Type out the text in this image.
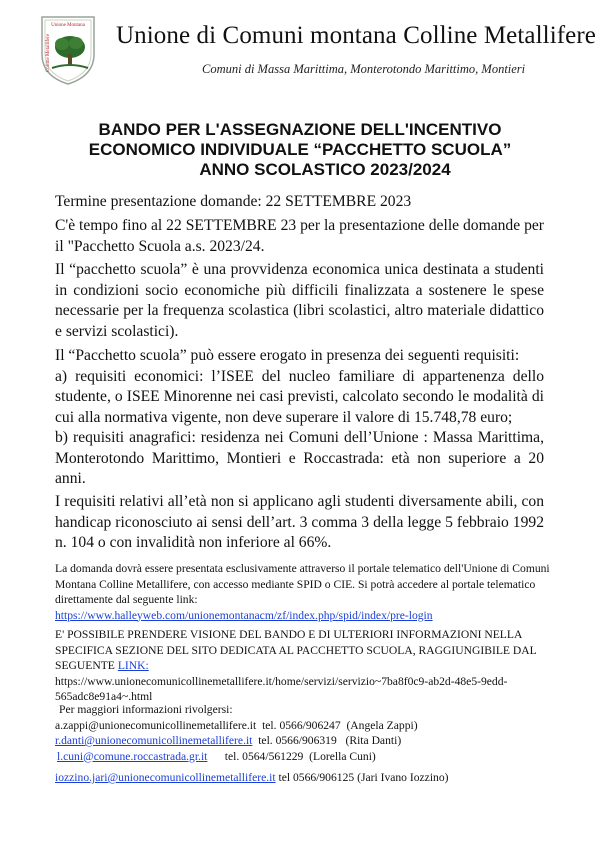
Unione Montana
Colline Metallifere	Unione di Comuni montana Colline Metallifere
Comuni di Massa Marittima, Monterotondo Marittimo, Montieri
BANDO PER L'ASSEGNAZIONE DELL'INCENTIVO
ECONOMICO INDIVIDUALE “PACCHETTO SCUOLA”
ANNO SCOLASTICO 2023/2024
Termine presentazione domande: 22 SETTEMBRE 2023
C'è tempo fino al 22 SETTEMBRE 23 per la presentazione delle domande per il "Pacchetto Scuola a.s. 2023/24.
Il “pacchetto scuola” è una provvidenza economica unica destinata a studenti in condizioni socio economiche più difficili finalizzata a sostenere le spese necessarie per la frequenza scolastica (libri scolastici, altro materiale didattico e servizi scolastici).
Il “Pacchetto scuola” può essere erogato in presenza dei seguenti requisiti:
a) requisiti economici: l’ISEE del nucleo familiare di appartenenza dello studente, o ISEE Minorenne nei casi previsti, calcolato secondo le modalità di cui alla normativa vigente, non deve superare il valore di 15.748,78 euro;
b) requisiti anagrafici: residenza nei Comuni dell’Unione : Massa Marittima, Monterotondo Marittimo, Montieri e Roccastrada: età non superiore a 20 anni.
I requisiti relativi all’età non si applicano agli studenti diversamente abili, con handicap riconosciuto ai sensi dell’art. 3 comma 3 della legge 5 febbraio 1992 n. 104 o con invalidità non inferiore al 66%.
La domanda dovrà essere presentata esclusivamente attraverso il portale telematico dell'Unione di Comuni Montana Colline Metallifere, con accesso mediante SPID o CIE. Si potrà accedere al portale telematico direttamente dal seguente link:
https://www.halleyweb.com/unionemontanacm/zf/index.php/spid/index/pre-login
E' POSSIBILE PRENDERE VISIONE DEL BANDO E DI ULTERIORI INFORMAZIONI NELLA SPECIFICA SEZIONE DEL SITO DEDICATA AL PACCHETTO SCUOLA, RAGGIUNGIBILE DAL SEGUENTE LINK:
https://www.unionecomunicollinemetallifere.it/home/servizi/servizio~7ba8f0c9-ab2d-48e5-9edd-565adc8e91a4~.html
Per maggiori informazioni rivolgersi:
a.zappi@unionecomunicollinemetallifere.it tel. 0566/906247 (Angela Zappi)
r.danti@unionecomunicollinemetallifere.it tel. 0566/906319 (Rita Danti)
l.cuni@comune.roccastrada.gr.it tel. 0564/561229 (Lorella Cuni)
iozzino.jari@unionecomunicollinemetallifere.it tel 0566/906125 (Jari Ivano Iozzino)
